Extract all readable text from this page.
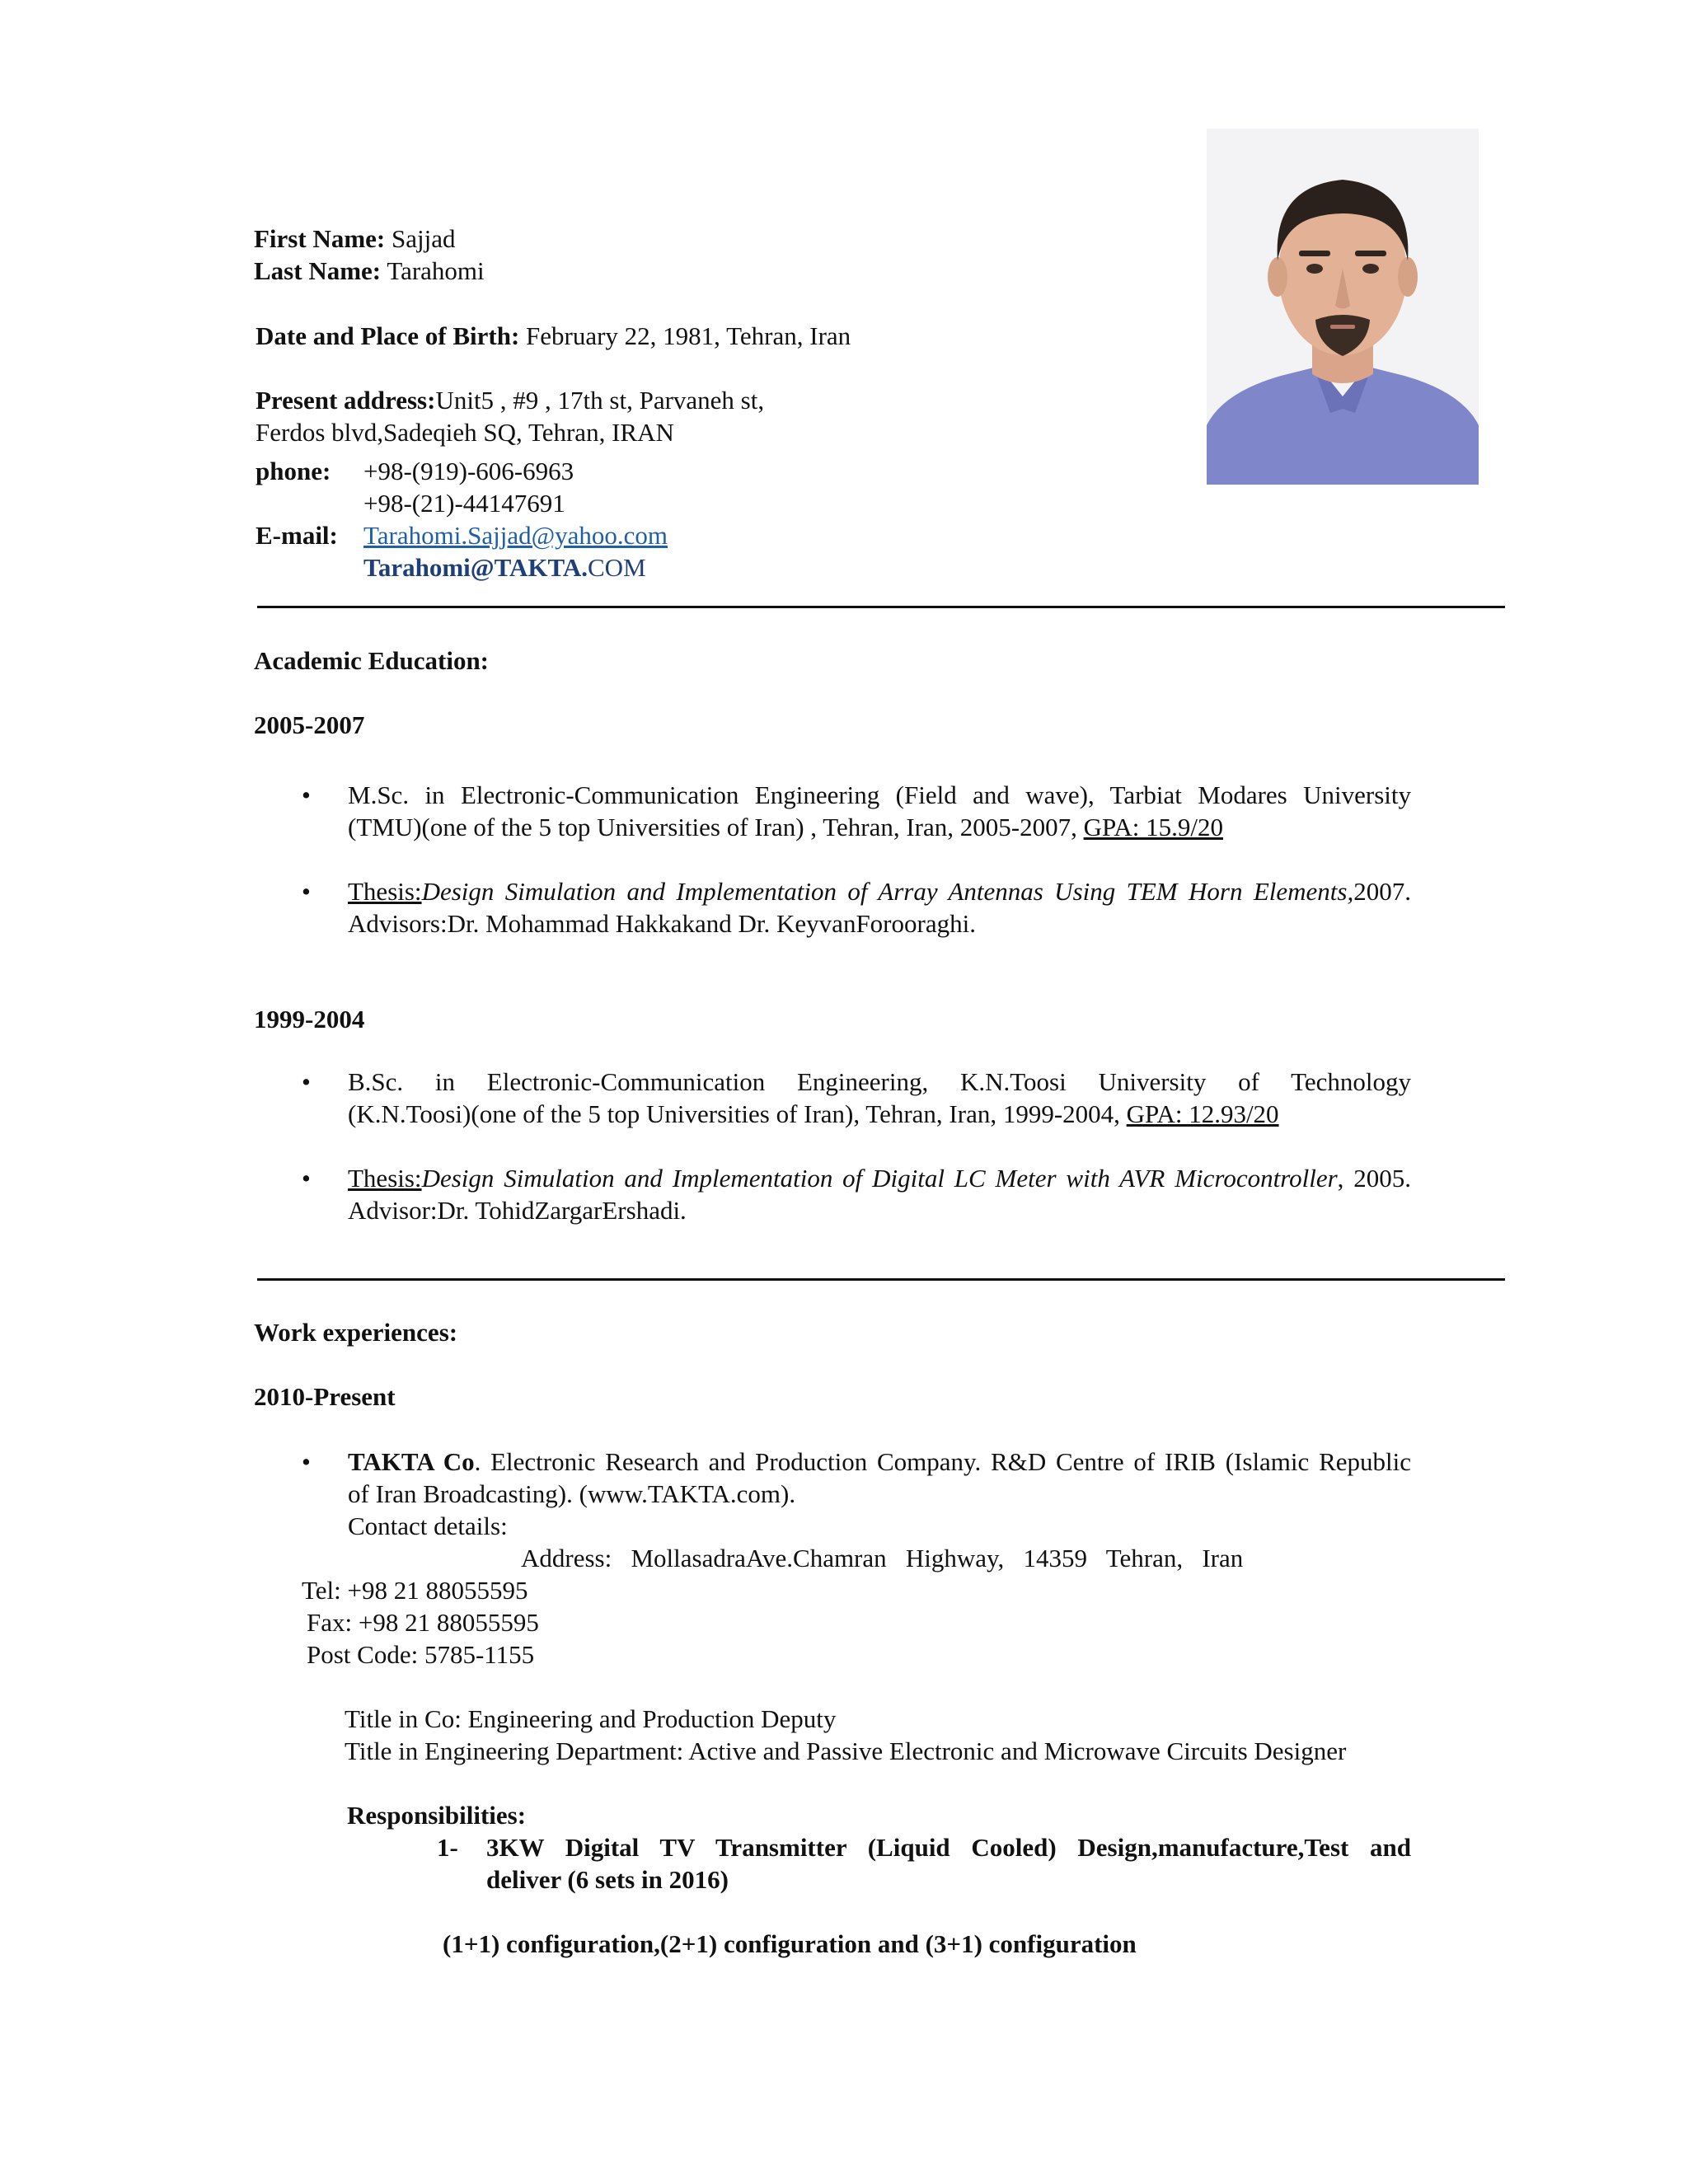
First Name: Sajjad
Last Name: Tarahomi
Date and Place of Birth: February 22, 1981, Tehran, Iran
Present address:Unit5 , #9 , 17th st, Parvaneh st,
Ferdos blvd,Sadeqieh SQ, Tehran, IRAN
phone: +98-(919)-606-6963
+98-(21)-44147691
E-mail: Tarahomi.Sajjad@yahoo.com
Tarahomi@TAKTA.COM
Academic Education:
2005-2007
• M.Sc. in Electronic-Communication Engineering (Field and wave), Tarbiat Modares University
(TMU)(one of the 5 top Universities of Iran) , Tehran, Iran, 2005-2007, GPA: 15.9/20
• Thesis:Design Simulation and Implementation of Array Antennas Using TEM Horn Elements,2007.
Advisors:Dr. Mohammad Hakkakand Dr. KeyvanForooraghi.
1999-2004
• B.Sc. in Electronic-Communication Engineering, K.N.Toosi University of Technology
(K.N.Toosi)(one of the 5 top Universities of Iran), Tehran, Iran, 1999-2004, GPA: 12.93/20
• Thesis:Design Simulation and Implementation of Digital LC Meter with AVR Microcontroller, 2005.
Advisor:Dr. TohidZargarErshadi.
Work experiences:
2010-Present
• TAKTA Co. Electronic Research and Production Company. R&D Centre of IRIB (Islamic Republic
of Iran Broadcasting). (www.TAKTA.com).
Contact details:
Address:   MollasadraAve.Chamran   Highway,   14359   Tehran,   Iran
Tel: +98 21 88055595
Fax: +98 21 88055595
Post Code: 5785-1155
Title in Co: Engineering and Production Deputy
Title in Engineering Department: Active and Passive Electronic and Microwave Circuits Designer
Responsibilities:
1- 3KW Digital TV Transmitter (Liquid Cooled) Design,manufacture,Test and
deliver (6 sets in 2016)
(1+1) configuration,(2+1) configuration and (3+1) configuration
